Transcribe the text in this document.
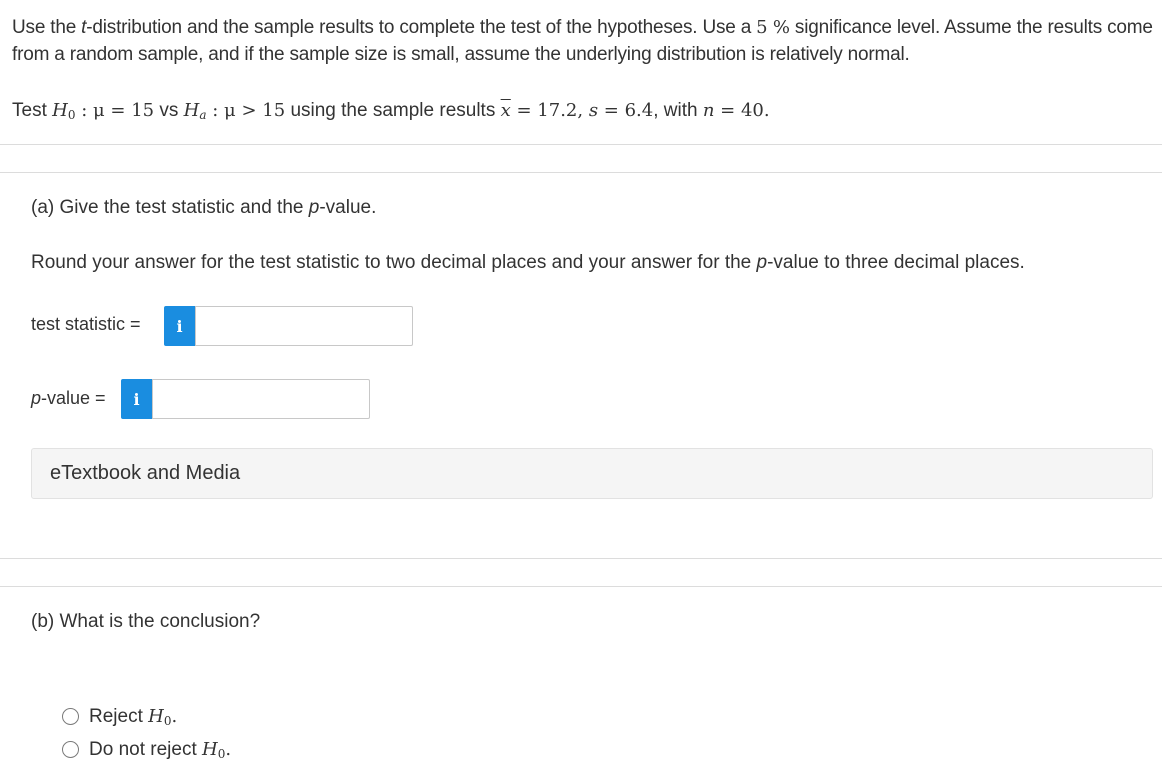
Use the t-distribution and the sample results to complete the test of the hypotheses. Use a 5 % significance level. Assume the results come from a random sample, and if the sample size is small, assume the underlying distribution is relatively normal.
Test $H_0$ : μ = 15 vs $H_a$ : μ > 15 using the sample results $\overline{x} = 17.2$, s = 6.4, with n = 40.
(a) Give the test statistic and the p-value.
Round your answer for the test statistic to two decimal places and your answer for the p-value to three decimal places.
test statistic =	i
p-value =	i
eTextbook and Media
(b) What is the conclusion?
Reject
$H_0$.
Do not reject
$H_0$.
